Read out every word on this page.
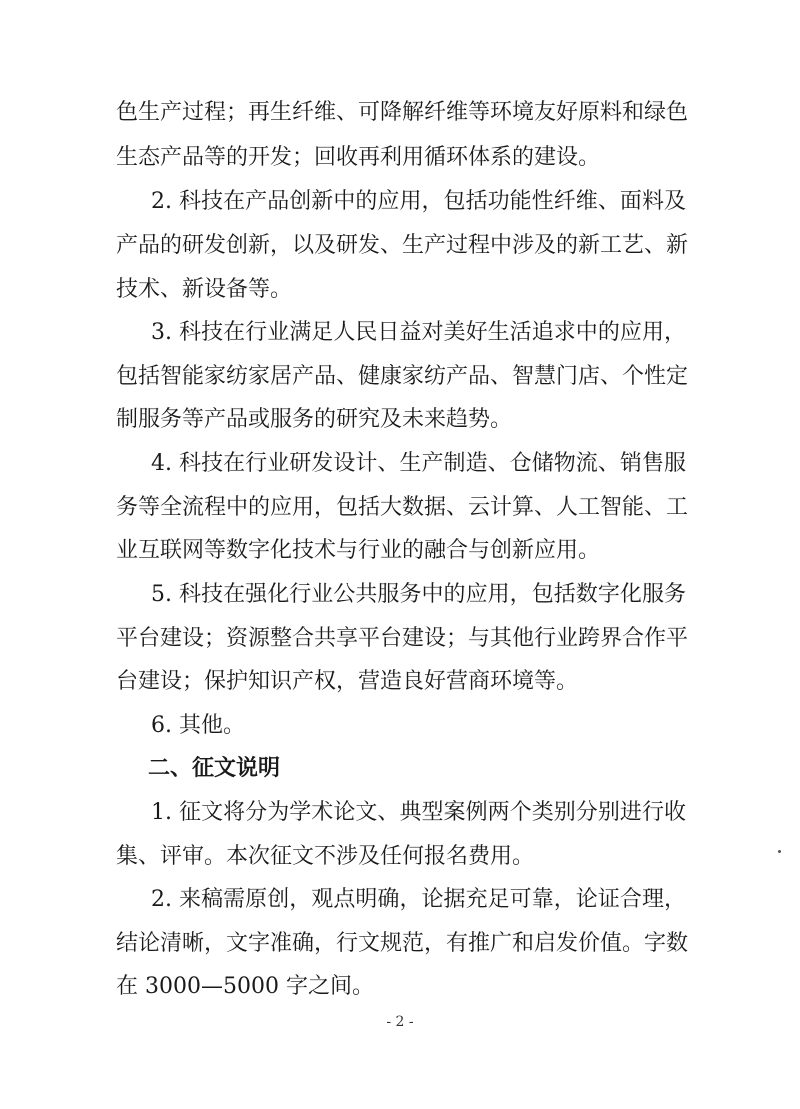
色生产过程；再生纤维、可降解纤维等环境友好原料和绿色
生态产品等的开发；回收再利用循环体系的建设。
2. 科技在产品创新中的应用，包括功能性纤维、面料及
产品的研发创新，以及研发、生产过程中涉及的新工艺、新
技术、新设备等。
3. 科技在行业满足人民日益对美好生活追求中的应用，
包括智能家纺家居产品、健康家纺产品、智慧门店、个性定
制服务等产品或服务的研究及未来趋势。
4. 科技在行业研发设计、生产制造、仓储物流、销售服
务等全流程中的应用，包括大数据、云计算、人工智能、工
业互联网等数字化技术与行业的融合与创新应用。
5. 科技在强化行业公共服务中的应用，包括数字化服务
平台建设；资源整合共享平台建设；与其他行业跨界合作平
台建设；保护知识产权，营造良好营商环境等。
6. 其他。
二、征文说明
1. 征文将分为学术论文、典型案例两个类别分别进行收
集、评审。本次征文不涉及任何报名费用。
2. 来稿需原创，观点明确，论据充足可靠，论证合理，
结论清晰，文字准确，行文规范，有推广和启发价值。字数
在 3000—5000 字之间。
- 2 -
